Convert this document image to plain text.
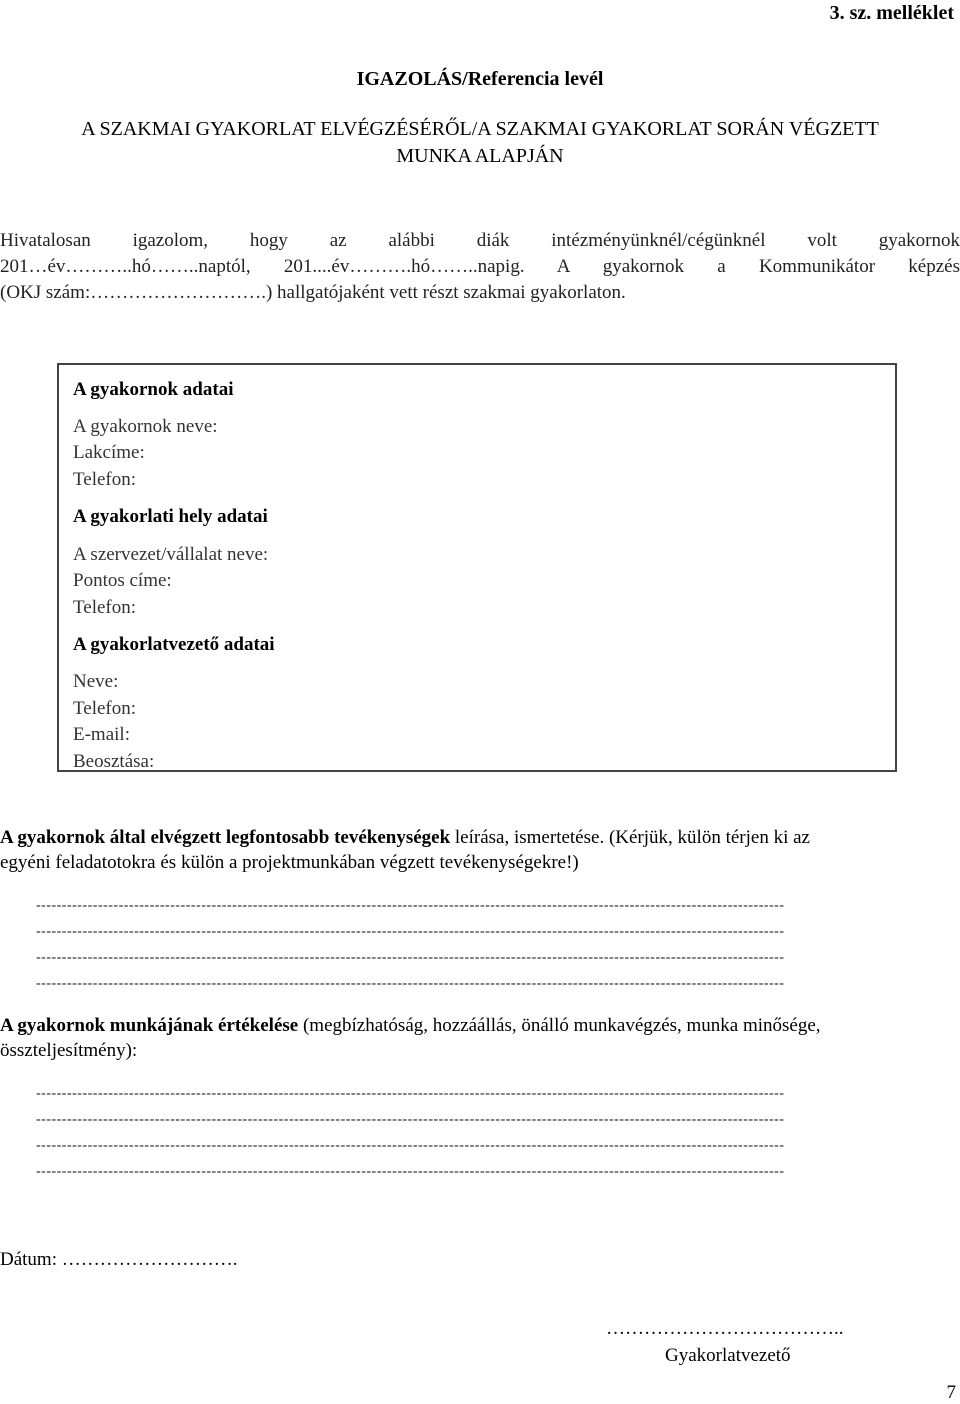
3. sz. melléklet
IGAZOLÁS/Referencia levél
A SZAKMAI GYAKORLAT ELVÉGZÉSÉRŐL/A SZAKMAI GYAKORLAT SORÁN VÉGZETT
MUNKA ALAPJÁN
Hivatalosan igazolom, hogy az alábbi diák intézményünknél/cégünknél volt gyakornok
201…év………..hó……..naptól, 201....év……….hó……..napig. A gyakornok a Kommunikátor képzés
(OKJ szám:……………………….) hallgatójaként vett részt szakmai gyakorlaton.
A gyakornok adatai
A gyakornok neve:
Lakcíme:
Telefon:
A gyakorlati hely adatai
A szervezet/vállalat neve:
Pontos címe:
Telefon:
A gyakorlatvezető adatai
Neve:
Telefon:
E-mail:
Beosztása:
A gyakornok által elvégzett legfontosabb tevékenységek leírása, ismertetése. (Kérjük, külön térjen ki az
egyéni feladatotokra és külön a projektmunkában végzett tevékenységekre!)
-------------------------------------------------------------------------------------------------------------------------------------------------
-------------------------------------------------------------------------------------------------------------------------------------------------
-------------------------------------------------------------------------------------------------------------------------------------------------
-------------------------------------------------------------------------------------------------------------------------------------------------
A gyakornok munkájának értékelése (megbízhatóság, hozzáállás, önálló munkavégzés, munka minősége,
összteljesítmény):
-------------------------------------------------------------------------------------------------------------------------------------------------
-------------------------------------------------------------------------------------------------------------------------------------------------
-------------------------------------------------------------------------------------------------------------------------------------------------
-------------------------------------------------------------------------------------------------------------------------------------------------
Dátum: ……………………….
………………………………..
Gyakorlatvezető
7
